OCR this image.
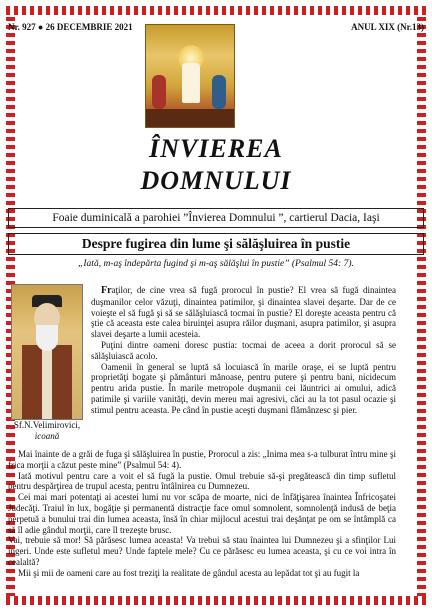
Nr. 927 ● 26 DECEMBRIE 2021	ANUL XIX (Nr.13)
ÎNVIEREA
DOMNULUI
Foaie duminicală a parohiei ”Învierea Domnului ”, cartierul Dacia, Iaşi
Despre fugirea din lume şi sălăşluirea în pustie
„Iată, m-aş îndepărta fugind şi m-aş sălăşlui în pustie” (Psalmul 54: 7).
Sf.N.Velimirovici,
icoană

Fraţilor, de cine vrea să fugă prorocul în pustie? El vrea să fugă dinaintea duşmanilor celor văzuţi, dinaintea patimilor, şi dinaintea slavei deşarte. Dar de ce voieşte el să fugă şi să se sălăşluiască tocmai în pustie? El doreşte aceasta pentru că ştie că aceasta este calea biruinţei asupra răilor duşmani, asupra patimilor, şi asupra slavei deşarte a lumii acesteia.

Puţini dintre oameni doresc pustia: tocmai de aceea a dorit prorocul să se sălăşluiască acolo.

Oamenii în general se luptă să locuiască în marile oraşe, ei se luptă pentru proprietăţi bogate şi pământuri mănoase, pentru putere şi pentru bani, nicidecum pentru arida pustie. În marile metropole duşmanii cei lăuntrici ai omului, adică patimile şi variile vanităţi, devin mereu mai agresivi, căci au la tot pasul ocazie şi stimul pentru aceasta. Pe când în pustie aceşti duşmani flămânzesc şi pier.

Mai înainte de a grăi de fuga şi sălăşluirea în pustie, Prorocul a zis: „Inima mea s-a tulburat întru mine şi frica morţii a căzut peste mine” (Psalmul 54: 4).

Iată motivul pentru care a voit el să fugă la pustie. Omul trebuie să-şi pregătească din timp sufletul pentru despărţirea de trupul acesta, pentru întâlnirea cu Dumnezeu.

Cei mai mari potentaţi ai acestei lumi nu vor scăpa de moarte, nici de înfăţişarea înaintea Înfricoşatei Judecăţi. Traiul în lux, bogăţie şi permanentă distracţie face omul somnolent, somnolenţă indusă de beţia perpetuă a bunului trai din lumea aceasta, însă în chiar mijlocul acestui trai deşănţat pe om se întâmplă ca să îl adie gândul morţii, care îl trezeşte brusc.

Vai, trebuie să mor! Să părăsesc lumea aceasta! Va trebui să stau înaintea lui Dumnezeu şi a sfinţilor Lui îngeri. Unde este sufletul meu? Unde faptele mele? Cu ce părăsesc eu lumea aceasta, şi cu ce voi intra în cealaltă?

Mii şi mii de oameni care au fost treziţi la realitate de gândul acesta au lepădat tot şi au fugit la
